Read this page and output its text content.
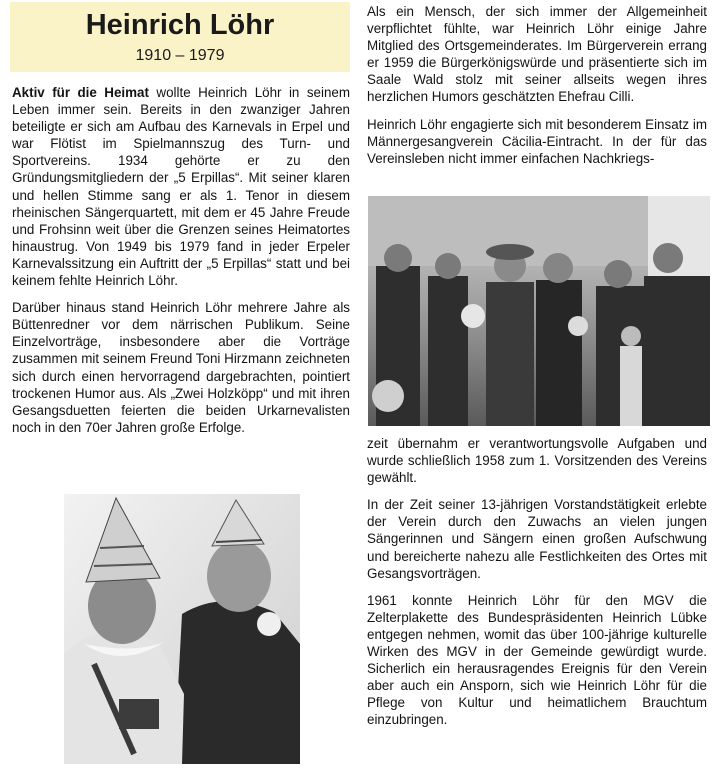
Heinrich Löhr
1910 – 1979

Aktiv für die Heimat wollte Heinrich Löhr in seinem Leben immer sein. Bereits in den zwanziger Jahren beteiligte er sich am Aufbau des Karnevals in Erpel und war Flötist im Spielmannszug des Turn- und Sportvereins. 1934 gehörte er zu den Gründungsmitgliedern der „5 Erpillas“. Mit seiner klaren und hellen Stimme sang er als 1. Tenor in diesem rheinischen Sängerquartett, mit dem er 45 Jahre Freude und Frohsinn weit über die Grenzen seines Heimatortes hinaustrug. Von 1949 bis 1979 fand in jeder Erpeler Karnevalssitzung ein Auftritt der „5 Erpillas“ statt und bei keinem fehlte Heinrich Löhr.

Darüber hinaus stand Heinrich Löhr mehrere Jahre als Büttenredner vor dem närrischen Publikum. Seine Einzelvorträge, insbesondere aber die Vorträge zusammen mit seinem Freund Toni Hirzmann zeichneten sich durch einen hervorragend dargebrachten, pointiert trockenen Humor aus. Als „Zwei Holzköpp“ und mit ihren Gesangsduetten feierten die beiden Urkarnevalisten noch in den 70er Jahren große Erfolge.

Als ein Mensch, der sich immer der Allgemeinheit verpflichtet fühlte, war Heinrich Löhr einige Jahre Mitglied des Ortsgemeinderates. Im Bürgerverein errang er 1959 die Bürgerkönigswürde und präsentierte sich im Saale Wald stolz mit seiner allseits wegen ihres herzlichen Humors geschätzten Ehefrau Cilli.

Heinrich Löhr engagierte sich mit besonderem Einsatz im Männergesangverein Cäcilia-Eintracht. In der für das Vereinsleben nicht immer einfachen Nachkriegs-

zeit übernahm er verantwortungsvolle Aufgaben und wurde schließlich 1958 zum 1. Vorsitzenden des Vereins gewählt.

In der Zeit seiner 13-jährigen Vorstandstätigkeit erlebte der Verein durch den Zuwachs an vielen jungen Sängerinnen und Sängern einen großen Aufschwung und bereicherte nahezu alle Festlichkeiten des Ortes mit Gesangsvorträgen.

1961 konnte Heinrich Löhr für den MGV die Zelterplakette des Bundespräsidenten Heinrich Lübke entgegen nehmen, womit das über 100-jährige kulturelle Wirken des MGV in der Gemeinde gewürdigt wurde. Sicherlich ein herausragendes Ereignis für den Verein aber auch ein Ansporn, sich wie Heinrich Löhr für die Pflege von Kultur und heimatlichem Brauchtum einzubringen.
